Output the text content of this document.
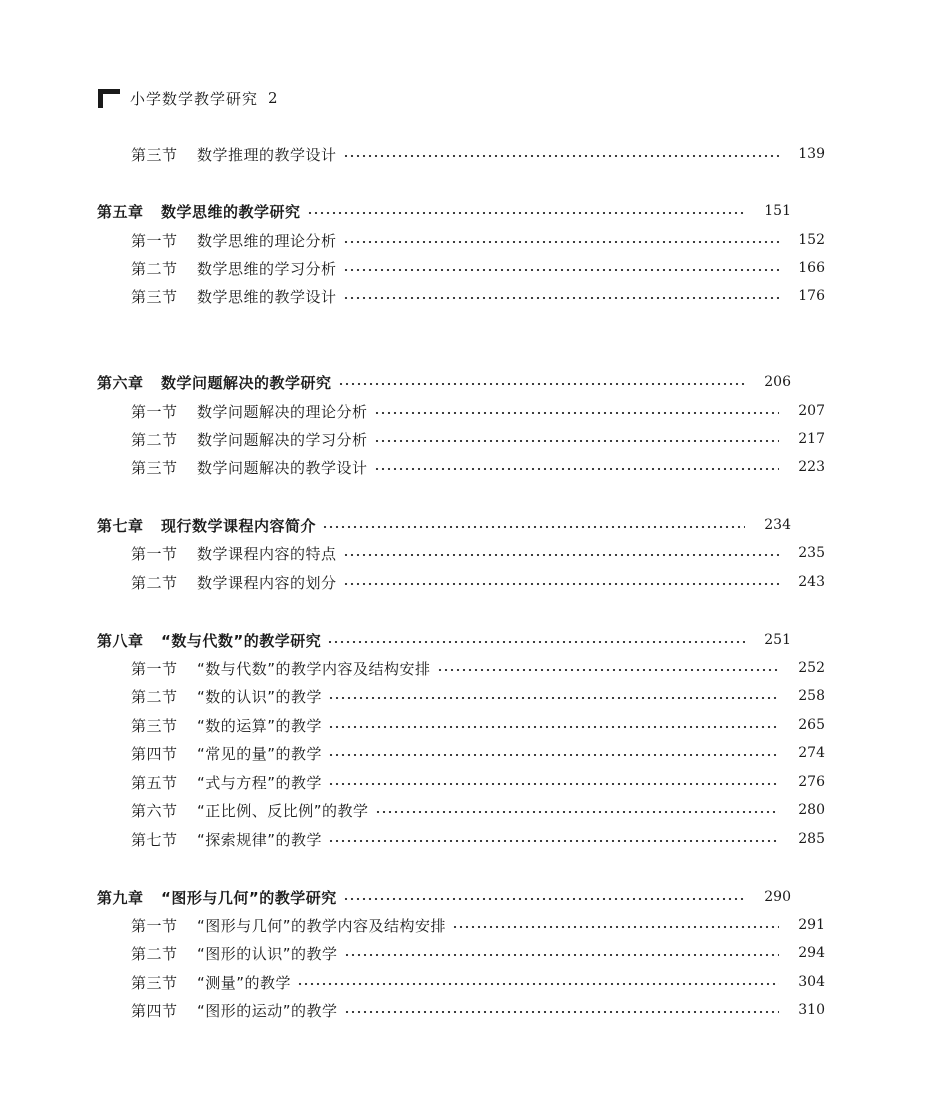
小学数学教学研究 2
第三节 数学推理的教学设计	139
第五章 数学思维的教学研究	151
第一节 数学思维的理论分析	152
第二节 数学思维的学习分析	166
第三节 数学思维的教学设计	176
第六章 数学问题解决的教学研究	206
第一节 数学问题解决的理论分析	207
第二节 数学问题解决的学习分析	217
第三节 数学问题解决的教学设计	223
第七章 现行数学课程内容简介	234
第一节 数学课程内容的特点	235
第二节 数学课程内容的划分	243
第八章 “数与代数”的教学研究	251
第一节 “数与代数”的教学内容及结构安排	252
第二节 “数的认识”的教学	258
第三节 “数的运算”的教学	265
第四节 “常见的量”的教学	274
第五节 “式与方程”的教学	276
第六节 “正比例、反比例”的教学	280
第七节 “探索规律”的教学	285
第九章 “图形与几何”的教学研究	290
第一节 “图形与几何”的教学内容及结构安排	291
第二节 “图形的认识”的教学	294
第三节 “测量”的教学	304
第四节 “图形的运动”的教学	310
